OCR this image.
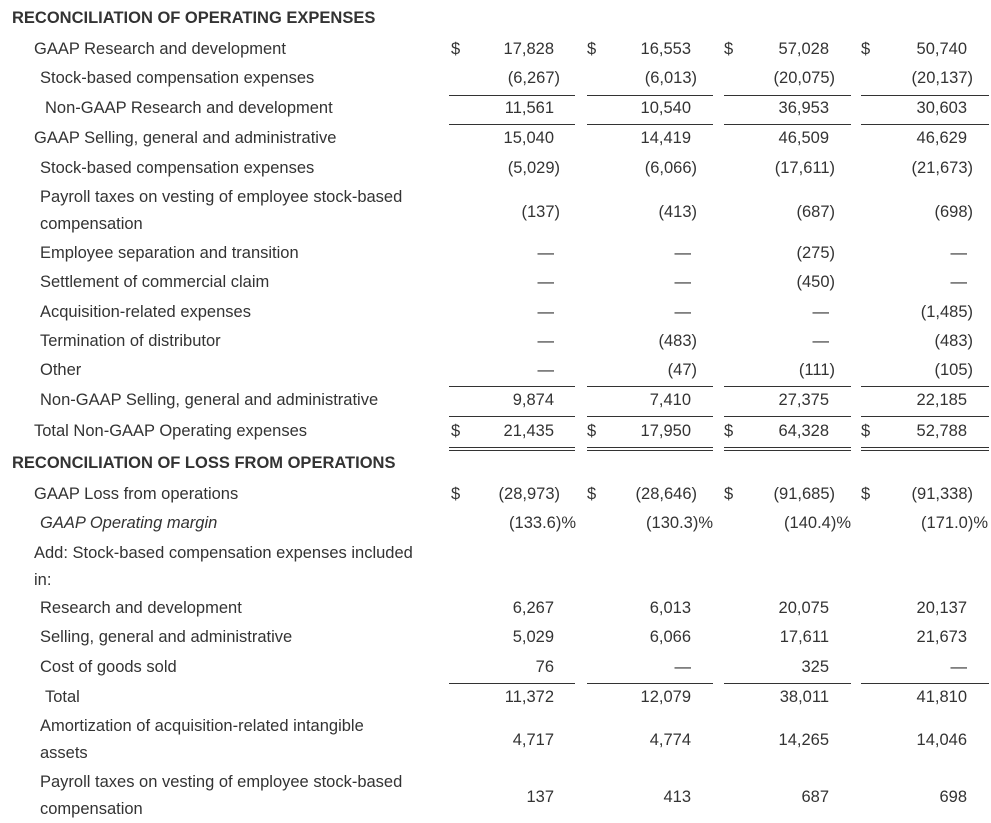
RECONCILIATION OF OPERATING EXPENSES
GAAP Research and development	$	17,828 $	16,553 $	57,028 $	50,740
Stock-based compensation expenses	(6,267)	(6,013)	(20,075)	(20,137)
Non-GAAP Research and development	11,561	10,540	36,953	30,603
GAAP Selling, general and administrative	15,040	14,419	46,509	46,629
Stock-based compensation expenses	(5,029)	(6,066)	(17,611)	(21,673)
Payroll taxes on vesting of employee stock-based
compensation
(137)	(413)	(687)	(698)
Employee separation and transition	—	—	(275)	—
Settlement of commercial claim	—	—	(450)	—
Acquisition-related expenses	—	—	—	(1,485)
Termination of distributor	—	(483)	—	(483)
Other	—	(47)	(111)	(105)
Non-GAAP Selling, general and administrative	9,874	7,410	27,375	22,185
Total Non-GAAP Operating expenses	$	21,435 $	17,950 $	64,328 $	52,788
RECONCILIATION OF LOSS FROM OPERATIONS
GAAP Loss from operations	$ (28,973) $ (28,646) $ (91,685) $	(91,338)
GAAP Operating margin	(133.6)%	(130.3)%	(140.4)%	(171.0)%
Add: Stock-based compensation expenses included
in:
Research and development	6,267	6,013	20,075	20,137
Selling, general and administrative	5,029	6,066	17,611	21,673
Cost of goods sold	76	—	325	—
Total	11,372	12,079	38,011	41,810
Amortization of acquisition-related intangible
assets
4,717	4,774	14,265	14,046
Payroll taxes on vesting of employee stock-based
compensation
137	413	687	698
